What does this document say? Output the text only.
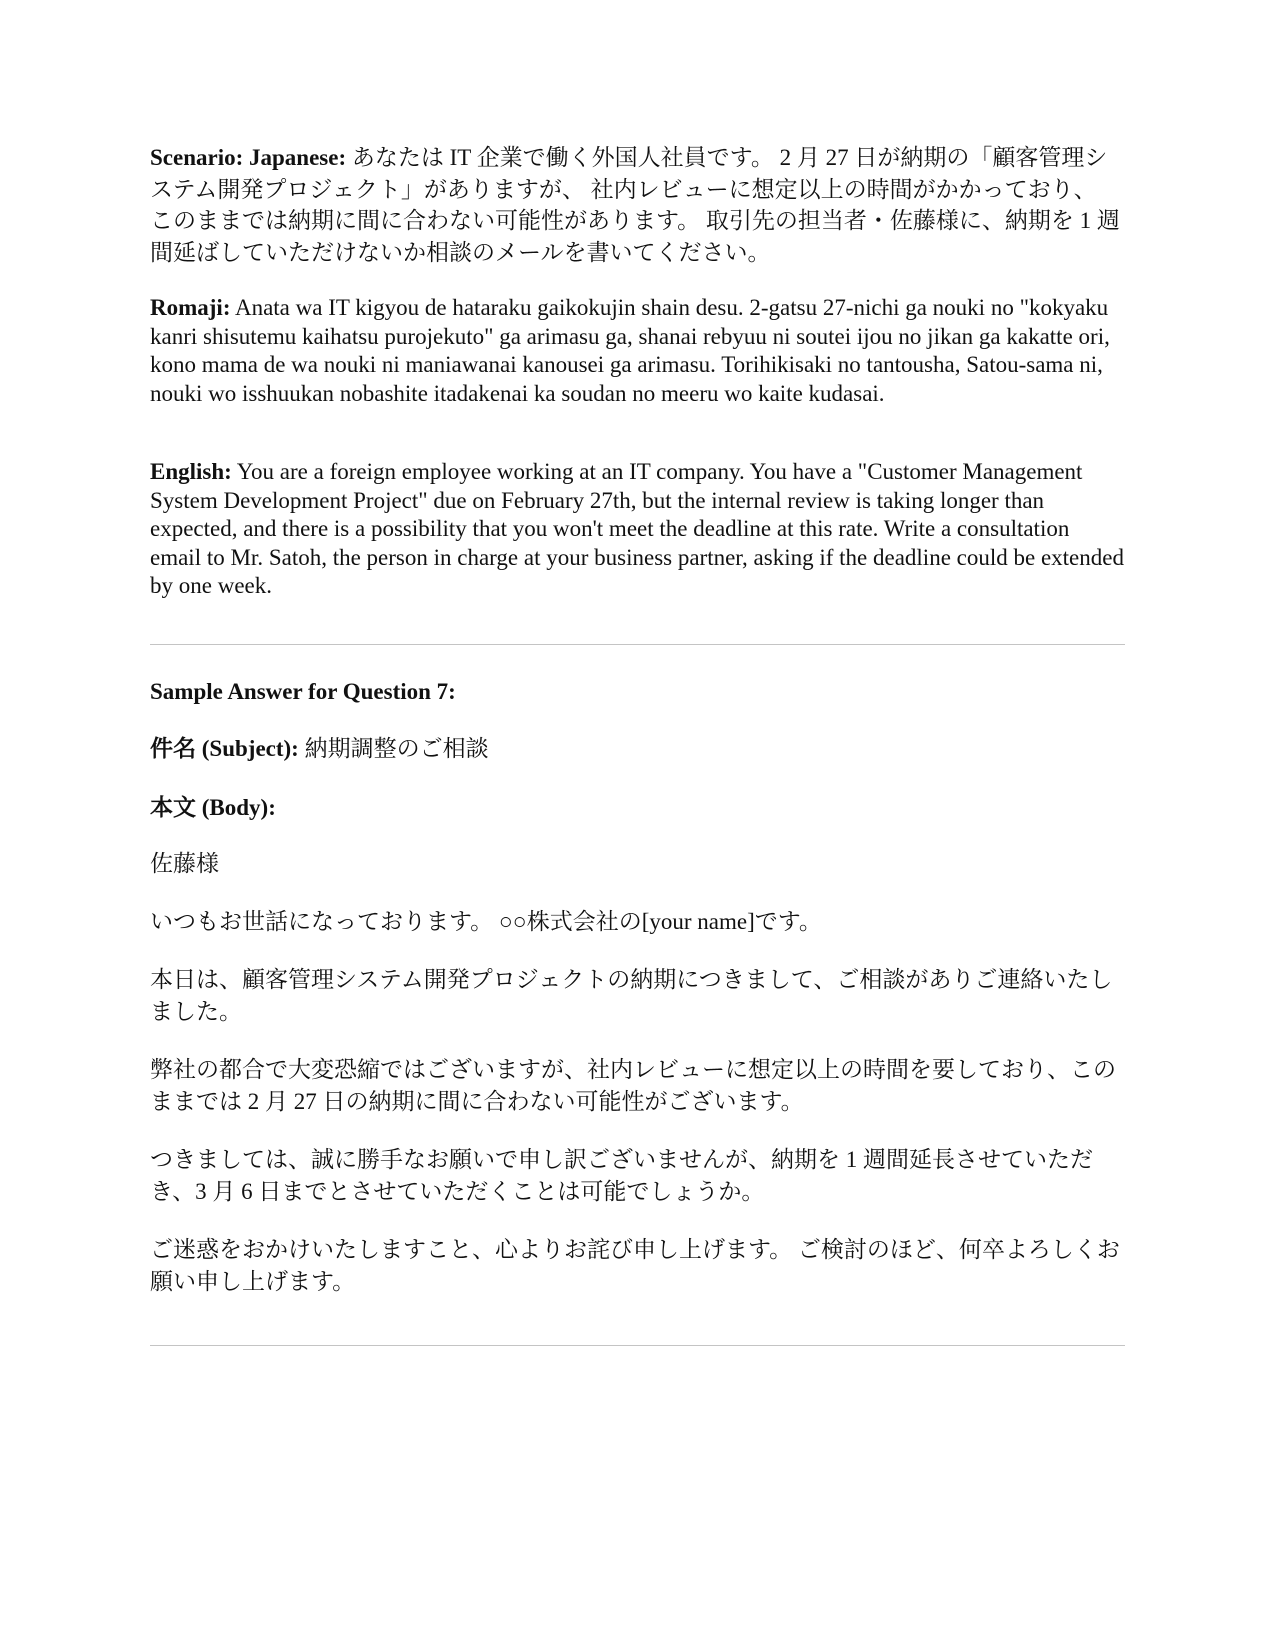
Scenario: Japanese: あなたは IT 企業で働く外国人社員です。 2 月 27 日が納期の「顧客管理システム開発プロジェクト」がありますが、 社内レビューに想定以上の時間がかかっており、 このままでは納期に間に合わない可能性があります。 取引先の担当者・佐藤様に、納期を 1 週間延ばしていただけないか相談のメールを書いてください。

Romaji: Anata wa IT kigyou de hataraku gaikokujin shain desu. 2-gatsu 27-nichi ga nouki no "kokyaku kanri shisutemu kaihatsu purojekuto" ga arimasu ga, shanai rebyuu ni soutei ijou no jikan ga kakatte ori, kono mama de wa nouki ni maniawanai kanousei ga arimasu. Torihikisaki no tantousha, Satou-sama ni, nouki wo isshuukan nobashite itadakenai ka soudan no meeru wo kaite kudasai.

English: You are a foreign employee working at an IT company. You have a "Customer Management System Development Project" due on February 27th, but the internal review is taking longer than expected, and there is a possibility that you won't meet the deadline at this rate. Write a consultation email to Mr. Satoh, the person in charge at your business partner, asking if the deadline could be extended by one week.

Sample Answer for Question 7:

件名 (Subject): 納期調整のご相談

本文 (Body):

佐藤様

いつもお世話になっております。 ○○株式会社の[your name]です。

本日は、顧客管理システム開発プロジェクトの納期につきまして、ご相談がありご連絡いたしました。

弊社の都合で大変恐縮ではございますが、社内レビューに想定以上の時間を要しており、このままでは 2 月 27 日の納期に間に合わない可能性がございます。

つきましては、誠に勝手なお願いで申し訳ございませんが、納期を 1 週間延長させていただき、3 月 6 日までとさせていただくことは可能でしょうか。

ご迷惑をおかけいたしますこと、心よりお詫び申し上げます。 ご検討のほど、何卒よろしくお願い申し上げます。
